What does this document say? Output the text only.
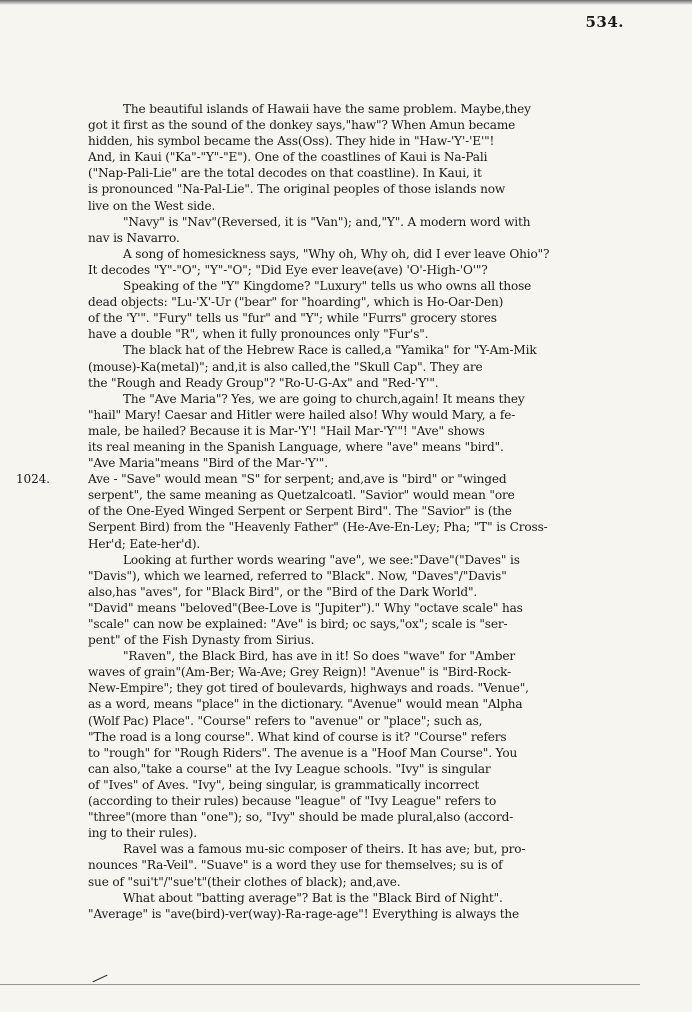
534.
1024.
The beautiful islands of Hawaii have the same problem. Maybe,they
got it first as the sound of the donkey says,"haw"? When Amun became
hidden, his symbol became the Ass(Oss). They hide in "Haw-'Y'-'E'"!
And, in Kaui ("Ka"-"Y"-"E"). One of the coastlines of Kaui is Na-Pali
("Nap-Pali-Lie" are the total decodes on that coastline). In Kaui, it
is pronounced "Na-Pal-Lie". The original peoples of those islands now
live on the West side.
"Navy" is "Nav"(Reversed, it is "Van"); and,"Y". A modern word with
nav is Navarro.
A song of homesickness says, "Why oh, Why oh, did I ever leave Ohio"?
It decodes "Y"-"O"; "Y"-"O"; "Did Eye ever leave(ave) 'O'-High-'O'"?
Speaking of the "Y" Kingdome? "Luxury" tells us who owns all those
dead objects: "Lu-'X'-Ur ("bear" for "hoarding", which is Ho-Oar-Den)
of the 'Y'". "Fury" tells us "fur" and "Y"; while "Furrs" grocery stores
have a double "R", when it fully pronounces only "Fur's".
The black hat of the Hebrew Race is called,a "Yamika" for "Y-Am-Mik
(mouse)-Ka(metal)"; and,it is also called,the "Skull Cap". They are
the "Rough and Ready Group"? "Ro-U-G-Ax" and "Red-'Y'".
The "Ave Maria"? Yes, we are going to church,again! It means they
"hail" Mary! Caesar and Hitler were hailed also! Why would Mary, a fe-
male, be hailed? Because it is Mar-'Y'! "Hail Mar-'Y'"! "Ave" shows
its real meaning in the Spanish Language, where "ave" means "bird".
"Ave Maria"means "Bird of the Mar-'Y'".
Ave - "Save" would mean "S" for serpent; and,ave is "bird" or "winged
serpent", the same meaning as Quetzalcoatl. "Savior" would mean "ore
of the One-Eyed Winged Serpent or Serpent Bird". The "Savior" is (the
Serpent Bird) from the "Heavenly Father" (He-Ave-En-Ley; Pha; "T" is Cross-
Her'd; Eate-her'd).
Looking at further words wearing "ave", we see:"Dave"("Daves" is
"Davis"), which we learned, referred to "Black". Now, "Daves"/"Davis"
also,has "aves", for "Black Bird", or the "Bird of the Dark World".
"David" means "beloved"(Bee-Love is "Jupiter")." Why "octave scale" has
"scale" can now be explained: "Ave" is bird; oc says,"ox"; scale is "ser-
pent" of the Fish Dynasty from Sirius.
"Raven", the Black Bird, has ave in it! So does "wave" for "Amber
waves of grain"(Am-Ber; Wa-Ave; Grey Reign)! "Avenue" is "Bird-Rock-
New-Empire"; they got tired of boulevards, highways and roads. "Venue",
as a word, means "place" in the dictionary. "Avenue" would mean "Alpha
(Wolf Pac) Place". "Course" refers to "avenue" or "place"; such as,
"The road is a long course". What kind of course is it? "Course" refers
to "rough" for "Rough Riders". The avenue is a "Hoof Man Course". You
can also,"take a course" at the Ivy League schools. "Ivy" is singular
of "Ives" of Aves. "Ivy", being singular, is grammatically incorrect
(according to their rules) because "league" of "Ivy League" refers to
"three"(more than "one"); so, "Ivy" should be made plural,also (accord-
ing to their rules).
Ravel was a famous mu-sic composer of theirs. It has ave; but, pro-
nounces "Ra-Veil". "Suave" is a word they use for themselves; su is of
sue of "sui't"/"sue't"(their clothes of black); and,ave.
What about "batting average"? Bat is the "Black Bird of Night".
"Average" is "ave(bird)-ver(way)-Ra-rage-age"! Everything is always the
